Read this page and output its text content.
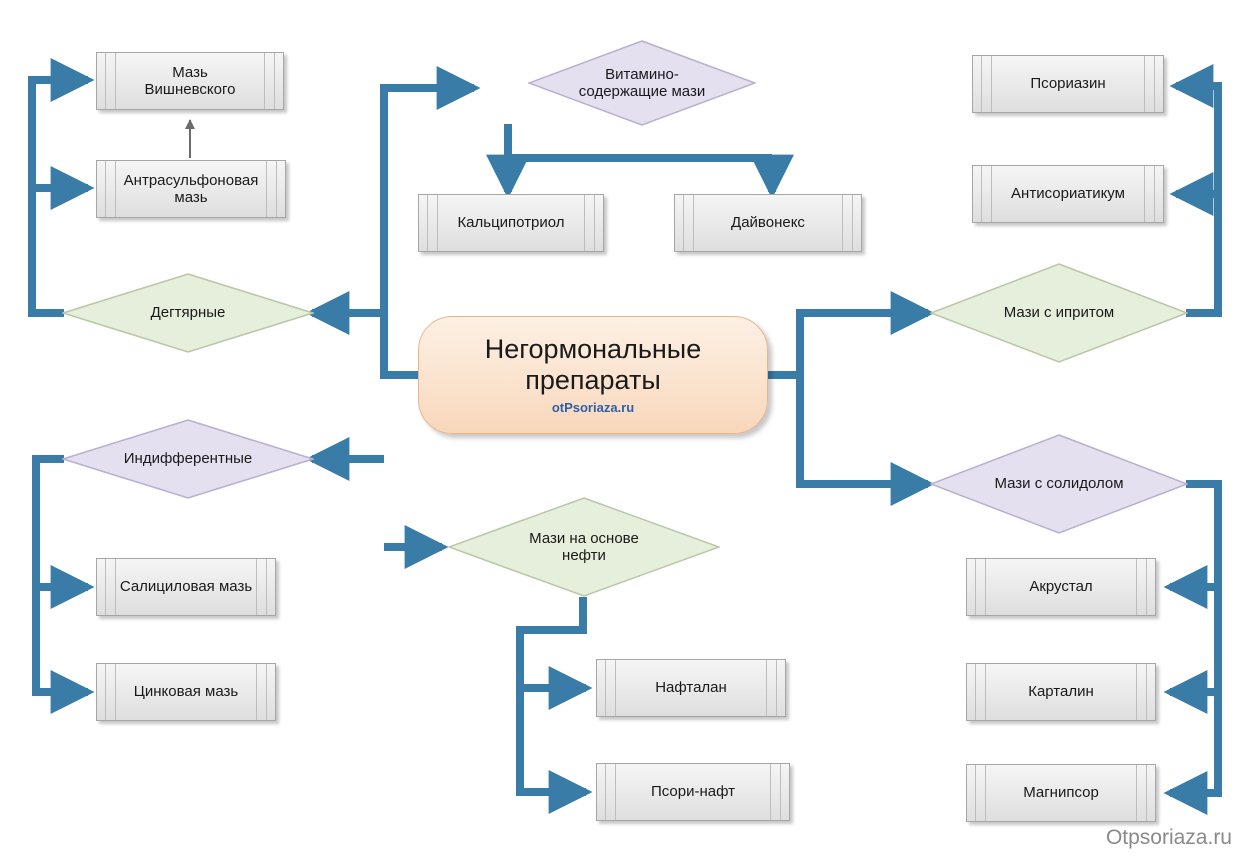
Негормональные
препараты
otPsoriaza.ru
Витамино-
содержащие мази
Кальципотриол	Дайвонекс
Дегтярные
Мазь
Вишневского
Антрасульфоновая
мазь
Индифферентные
Салициловая мазь
Цинковая мазь
Мази на основе
нефти
Нафталан
Псори-нафт
Мази с ипритом
Псориазин
Антисориатикум
Мази с солидолом
Акрустал
Карталин
Магнипсор
Otpsoriaza.ru
